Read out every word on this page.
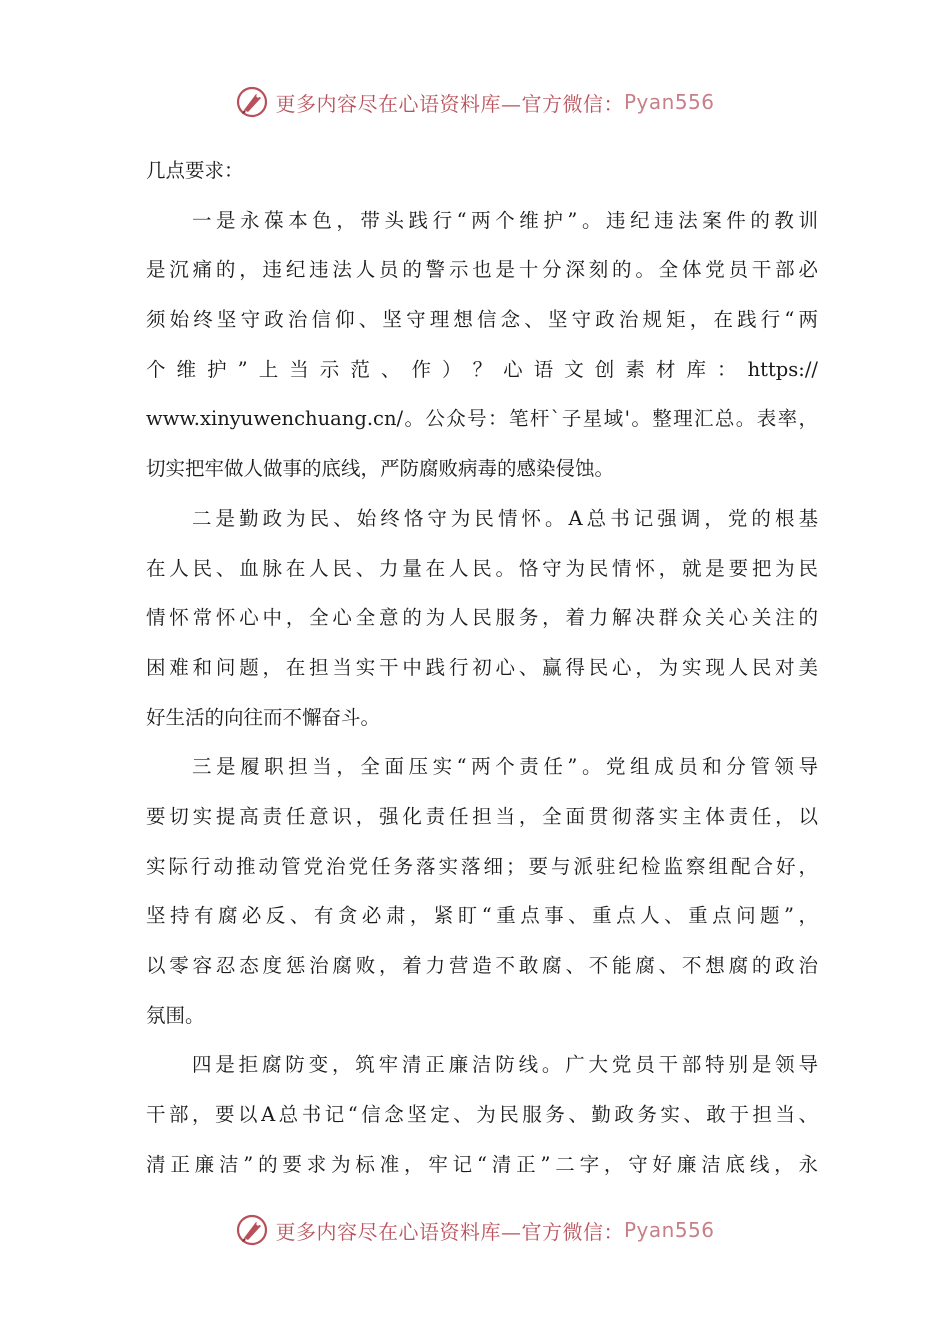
更多内容尽在心语资料库—官方微信： Pyan556
几点要求：
一是永葆本色，带头践行“两个维护”。违纪违法案件的教训
是沉痛的，违纪违法人员的警示也是十分深刻的。全体党员干部必
须始终坚守政治信仰、坚守理想信念、坚守政治规矩，在践行“两
个维护”上当示范、作）？心语文创素材库：https://
www.xinyuwenchuang.cn/。公众号：笔杆`子星域'。整理汇总。表率，
切实把牢做人做事的底线，严防腐败病毒的感染侵蚀。
二是勤政为民、始终恪守为民情怀。A总书记强调，党的根基
在人民、血脉在人民、力量在人民。恪守为民情怀，就是要把为民
情怀常怀心中，全心全意的为人民服务，着力解决群众关心关注的
困难和问题，在担当实干中践行初心、赢得民心，为实现人民对美
好生活的向往而不懈奋斗。
三是履职担当，全面压实“两个责任”。党组成员和分管领导
要切实提高责任意识，强化责任担当，全面贯彻落实主体责任，以
实际行动推动管党治党任务落实落细；要与派驻纪检监察组配合好，
坚持有腐必反、有贪必肃，紧盯“重点事、重点人、重点问题”，
以零容忍态度惩治腐败，着力营造不敢腐、不能腐、不想腐的政治
氛围。
四是拒腐防变，筑牢清正廉洁防线。广大党员干部特别是领导
干部，要以A总书记“信念坚定、为民服务、勤政务实、敢于担当、
清正廉洁”的要求为标准，牢记“清正”二字，守好廉洁底线，永
更多内容尽在心语资料库—官方微信： Pyan556
